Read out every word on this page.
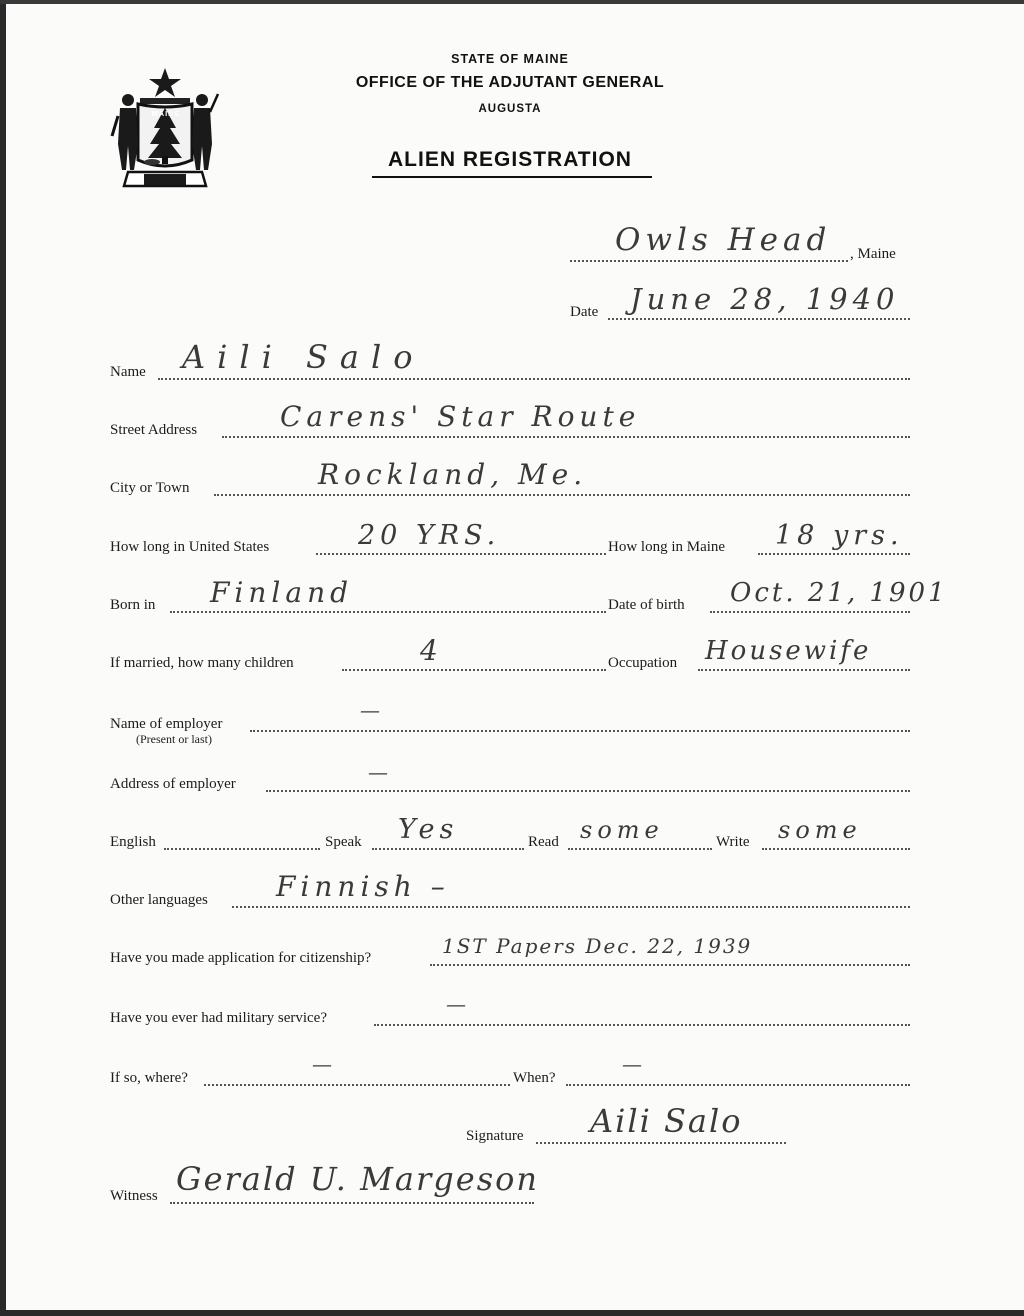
MAINE
STATE OF MAINE
OFFICE OF THE ADJUTANT GENERAL
AUGUSTA
ALIEN REGISTRATION
Owls Head , Maine
Date June 28, 1940
Name Aili Salo
Street Address	Carens' Star Route
City or Town	Rockland, Me.
How long in United States	20 YRS.	How long in Maine 18 yrs.
Born in Finland	Date of birth Oct. 21, 1901
If married, how many children	4	Occupation Housewife
Name of employer
(Present or last)
—
Address of employer	—
English	Speak Yes	Read some	Write some
Other languages Finnish –
Have you made application for citizenship?	1ST Papers Dec. 22, 1939
Have you ever had military service?
—
If so, where?
—
When?
—
Signature Aili Salo
Witness Gerald U. Margeson
